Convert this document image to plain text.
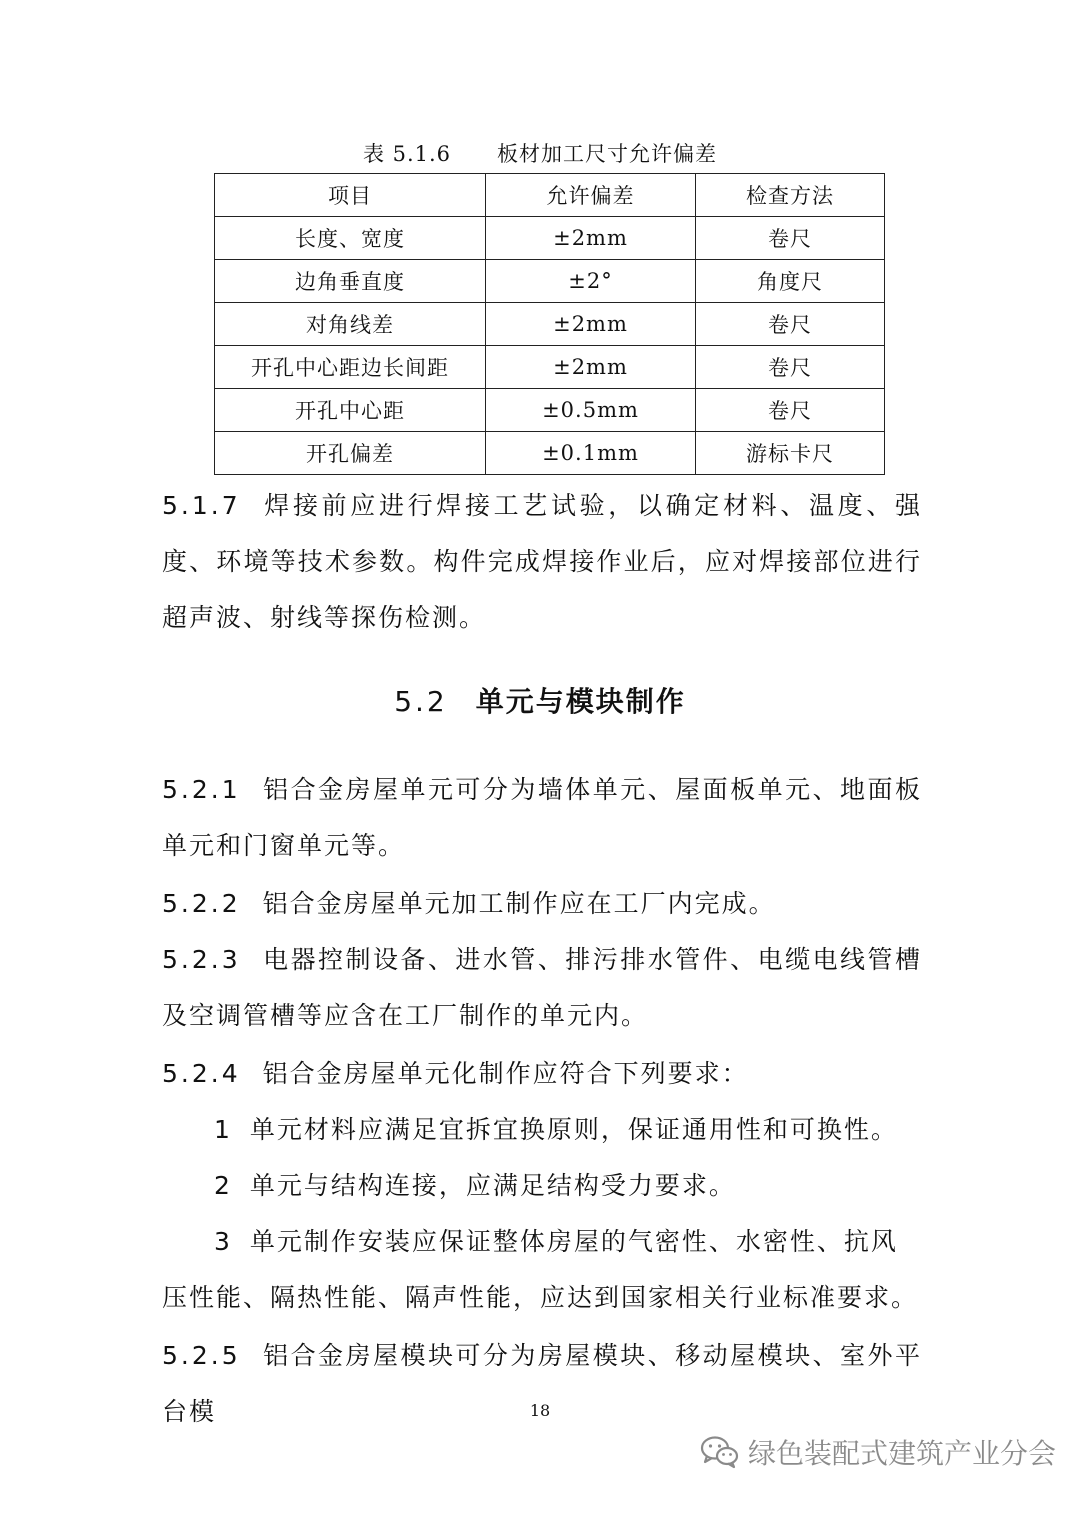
表 5.1.6 板材加工尺寸允许偏差
项目	允许偏差	检查方法
长度、宽度	±2mm	卷尺
边角垂直度	±2°	角度尺
对角线差	±2mm	卷尺
开孔中心距边长间距	±2mm	卷尺
开孔中心距	±0.5mm	卷尺
开孔偏差	±0.1mm	游标卡尺

5.1.7 焊接前应进行焊接工艺试验，以确定材料、温度、强度、环境等技术参数。构件完成焊接作业后，应对焊接部位进行超声波、射线等探伤检测。

5.2 单元与模块制作

5.2.1 铝合金房屋单元可分为墙体单元、屋面板单元、地面板单元和门窗单元等。

5.2.2 铝合金房屋单元加工制作应在工厂内完成。

5.2.3 电器控制设备、进水管、排污排水管件、电缆电线管槽及空调管槽等应含在工厂制作的单元内。

5.2.4 铝合金房屋单元化制作应符合下列要求：

1 单元材料应满足宜拆宜换原则，保证通用性和可换性。

2 单元与结构连接，应满足结构受力要求。

3 单元制作安装应保证整体房屋的气密性、水密性、抗风压性能、隔热性能、隔声性能，应达到国家相关行业标准要求。

5.2.5 铝合金房屋模块可分为房屋模块、移动屋模块、室外平台模	18
绿色装配式建筑产业分会
